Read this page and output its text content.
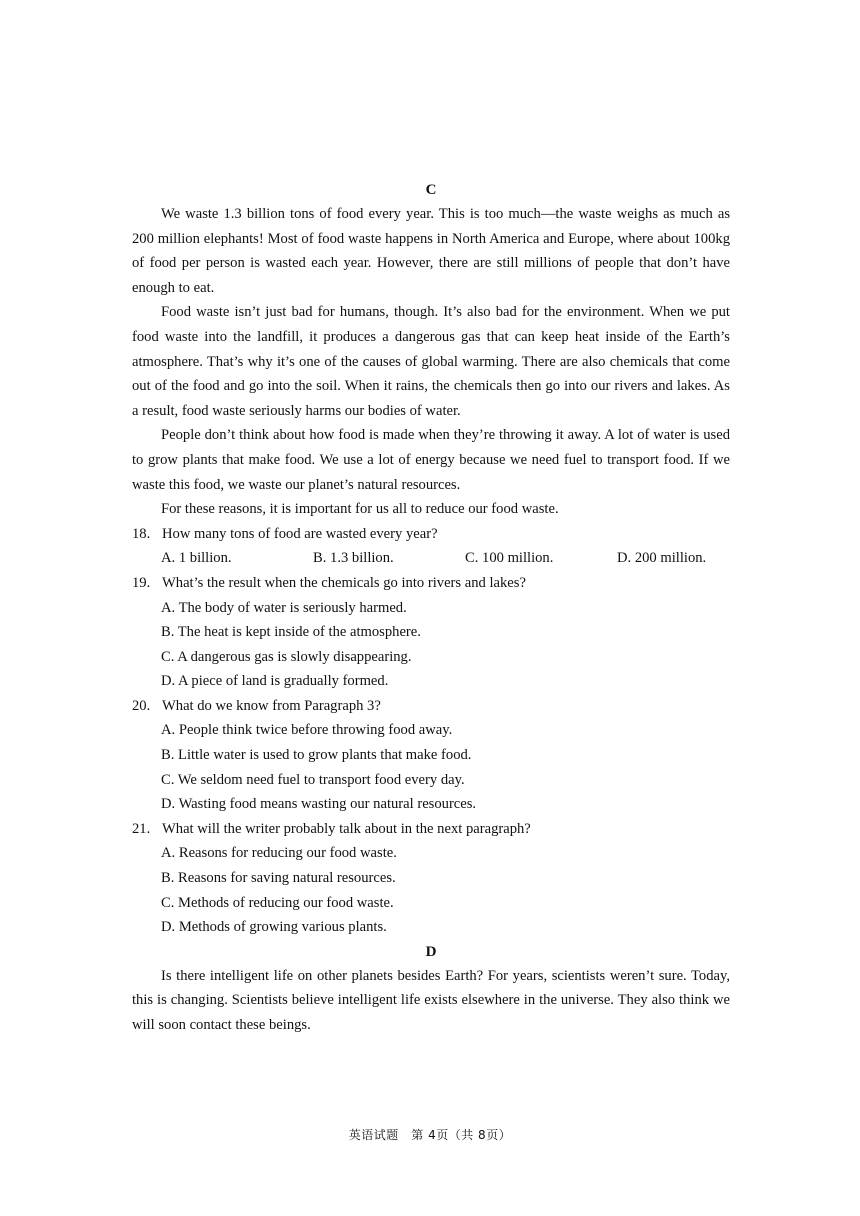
C

We waste 1.3 billion tons of food every year. This is too much—the waste weighs as much as 200 million elephants! Most of food waste happens in North America and Europe, where about 100kg of food per person is wasted each year. However, there are still millions of people that don’t have enough to eat.

Food waste isn’t just bad for humans, though. It’s also bad for the environment. When we put food waste into the landfill, it produces a dangerous gas that can keep heat inside of the Earth’s atmosphere. That’s why it’s one of the causes of global warming. There are also chemicals that come out of the food and go into the soil. When it rains, the chemicals then go into our rivers and lakes. As a result, food waste seriously harms our bodies of water.

People don’t think about how food is made when they’re throwing it away. A lot of water is used to grow plants that make food. We use a lot of energy because we need fuel to transport food. If we waste this food, we waste our planet’s natural resources.

For these reasons, it is important for us all to reduce our food waste.

18. How many tons of food are wasted every year?
A. 1 billion.	B. 1.3 billion.	C. 100 million.	D. 200 million.
19. What’s the result when the chemicals go into rivers and lakes?
A. The body of water is seriously harmed.
B. The heat is kept inside of the atmosphere.
C. A dangerous gas is slowly disappearing.
D. A piece of land is gradually formed.
20. What do we know from Paragraph 3?
A. People think twice before throwing food away.
B. Little water is used to grow plants that make food.
C. We seldom need fuel to transport food every day.
D. Wasting food means wasting our natural resources.
21. What will the writer probably talk about in the next paragraph?
A. Reasons for reducing our food waste.
B. Reasons for saving natural resources.
C. Methods of reducing our food waste.
D. Methods of growing various plants.
D

Is there intelligent life on other planets besides Earth? For years, scientists weren’t sure. Today, this is changing. Scientists believe intelligent life exists elsewhere in the universe. They also think we will soon contact these beings.

英语试题　第 4页（共 8页）
